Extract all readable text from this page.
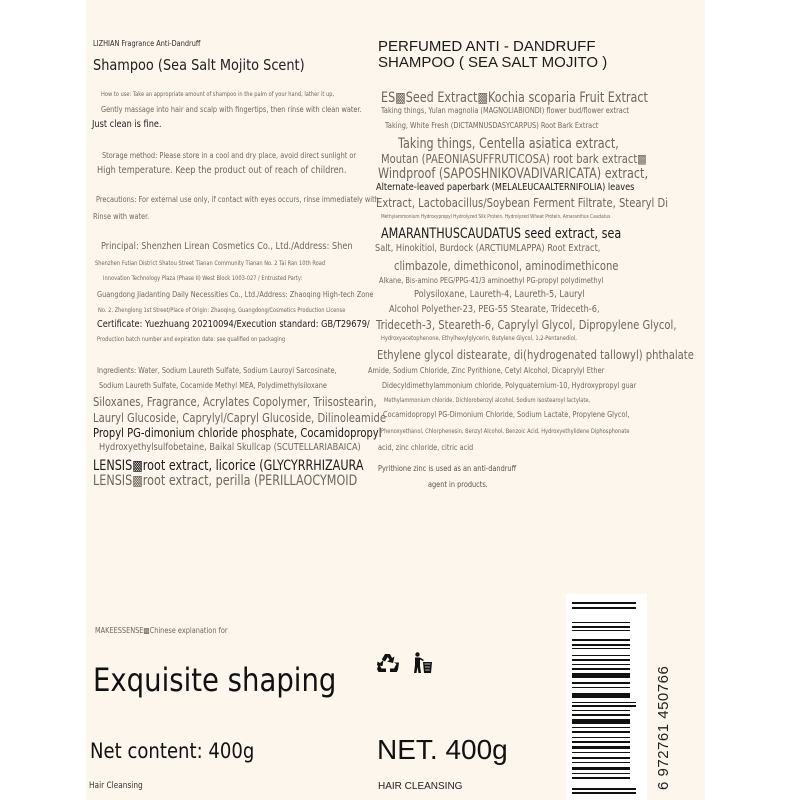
LIZHIAN Fragrance Anti-Dandruff
Shampoo (Sea Salt Mojito Scent)
How to use: Take an appropriate amount of shampoo in the palm of your hand, lather it up,
Gently massage into hair and scalp with fingertips, then rinse with clean water.
Just clean is fine.
Storage method: Please store in a cool and dry place, avoid direct sunlight or
High temperature. Keep the product out of reach of children.
Precautions: For external use only, if contact with eyes occurs, rinse immediately with
Rinse with water.
Principal: Shenzhen Lirean Cosmetics Co., Ltd./Address: Shen
Shenzhen Futian District Shatou Street Tianan Community Tianan No. 2 Tai Ran 10th Road
Innovation Technology Plaza (Phase II) West Block 1003-027 / Entrusted Party:
Guangdong Jiadanting Daily Necessities Co., Ltd./Address: Zhaoqing High-tech Zone
No. 2, Zhenglong 1st Street/Place of Origin: Zhaoqing, Guangdong/Cosmetics Production License
Certificate: Yuezhuang 20210094/Execution standard: GB/T29679/
Production batch number and expiration date: see qualified on packaging
Ingredients: Water, Sodium Laureth Sulfate, Sodium Lauroyl Sarcosinate,
Sodium Laureth Sulfate, Cocamide Methyl MEA, Polydimethylsiloxane
Siloxanes, Fragrance, Acrylates Copolymer, Triisostearin,
Lauryl Glucoside, Caprylyl/Capryl Glucoside, Dilinoleamide
Propyl PG-dimonium chloride phosphate, Cocamidopropyl
Hydroxyethylsulfobetaine, Baikal Skullcap (SCUTELLARIABAICA)
LENSIS▩root extract, licorice (GLYCYRRHIZAURA
LENSIS▩root extract, perilla (PERILLAOCYMOID
PERFUMED ANTI - DANDRUFF
SHAMPOO ( SEA SALT MOJITO )
ES▩Seed Extract▩Kochia scoparia Fruit Extract
Taking things, Yulan magnolia (MAGNOLIABIONDI) flower bud/flower extract
Taking, White Fresh (DICTAMNUSDASYCARPUS) Root Bark Extract
Taking things, Centella asiatica extract,
Moutan (PAEONIASUFFRUTICOSA) root bark extract▩
Windproof (SAPOSHNIKOVADIVARICATA) extract,
Alternate-leaved paperbark (MELALEUCAALTERNIFOLIA) leaves
Extract, Lactobacillus/Soybean Ferment Filtrate, Stearyl Di
Methylammonium Hydroxypropyl Hydrolyzed Silk Protein, Hydrolyzed Wheat Protein, Amaranthus Caudatus
AMARANTHUSCAUDATUS seed extract, sea
Salt, Hinokitiol, Burdock (ARCTIUMLAPPA) Root Extract,
climbazole, dimethiconol, aminodimethicone
Alkane, Bis-amino PEG/PPG-41/3 aminoethyl PG-propyl polydimethyl
Polysiloxane, Laureth-4, Laureth-5, Lauryl
Alcohol Polyether-23, PEG-55 Stearate, Trideceth-6,
Trideceth-3, Steareth-6, Caprylyl Glycol, Dipropylene Glycol,
Hydroxyacetophenone, Ethylhexylglycerin, Butylene Glycol, 1,2-Pentanediol,
Ethylene glycol distearate, di(hydrogenated tallowyl) phthalate
Amide, Sodium Chloride, Zinc Pyrithione, Cetyl Alcohol, Dicaprylyl Ether
Didecyldimethylammonium chloride, Polyquaternium-10, Hydroxypropyl guar
Methylammonium chloride, Dichlorobenzyl alcohol, Sodium isostearoyl lactylate,
Cocamidopropyl PG-Dimonium Chloride, Sodium Lactate, Propylene Glycol,
Phenoxyethanol, Chlorphenesin, Benzyl Alcohol, Benzoic Acid, Hydroxyethylidene Diphosphonate
acid, zinc chloride, citric acid
Pyrithione zinc is used as an anti-dandruff
agent in products.
MAKEESSENSE▩Chinese explanation for
Exquisite shaping
Net content: 400g	NET. 400g
Hair Cleansing	HAIR CLEANSING	6 972761 450766
